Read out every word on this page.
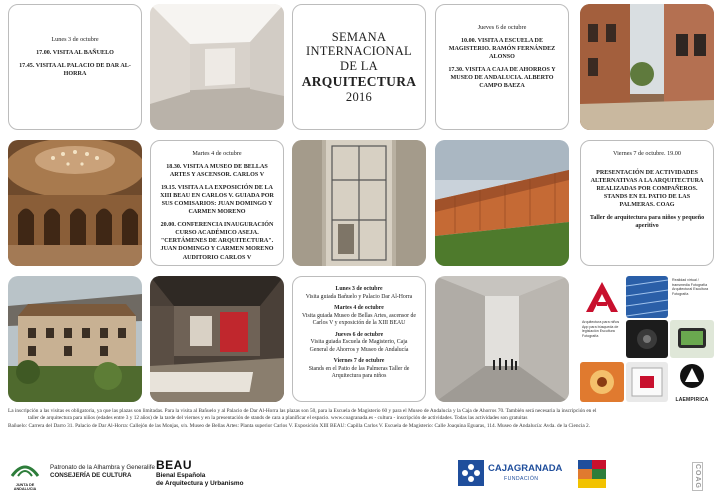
Lunes 3 de octubre
17.00. VISITA AL BAÑUELO
17.45. VISITA AL PALACIO DE DAR AL-HORRA
SEMANA
INTERNACIONAL
DE LA
ARQUITECTURA
2016
Jueves 6 de octubre
10.00. VISITA A ESCUELA DE MAGISTERIO. RAMÓN FERNÁNDEZ ALONSO
17.30. VISITA A CAJA DE AHORROS Y MUSEO DE ANDALUCIA. ALBERTO CAMPO BAEZA
Martes 4 de octubre
18.30. VISITA A MUSEO DE BELLAS ARTES Y ASCENSOR. CARLOS V
19.15. VISITA A LA EXPOSICIÓN DE LA XIII BEAU EN CARLOS V. GUIADA POR SUS COMISARIOS: JUAN DOMINGO Y CARMEN MORENO
20.00. CONFERENCIA INAUGURACIÓN CURSO ACADÉMICO ASEJA. "CERTÁMENES DE ARQUITECTURA". JUAN DOMINGO Y CARMEN MORENO AUDITORIO CARLOS V
Viernes 7 de octubre. 19.00
PRESENTACIÓN DE ACTIVIDADES ALTERNATIVAS A LA ARQUITECTURA REALIZADAS POR COMPAÑEROS. STANDS EN EL PATIO DE LAS PALMERAS. COAG
Taller de arquitectura para niños y pequeño aperitivo
Lunes 3 de octubre
Visita guiada Bañuelo y Palacio Dar Al-Horra
Martes 4 de octubre
Visita guiada Museo de Bellas Artes, ascensor de Carlos V y exposición de la XIII BEAU
Jueves 6 de octubre
Visita guiada Escuela de Magisterio, Caja General de Ahorros y Museo de Andalucía
Viernes 7 de octubre
Stands en el Patio de las Palmeras Taller de Arquitectura para niños
Realidad virtual / transmedia Fotografía Arquitectural Escultura Fotografía
Arquitectura para niños App para búsqueda de legislación Escultura Fotografía
LAEMPIRICA
La inscripción a las visitas es obligatoria, ya que las plazas son limitadas. Para la visita al Bañuelo y al Palacio de Dar Al-Horra las plazas son 50, para la Escuela de Magisterio 60 y para el Museo de Andalucía y la Caja de Ahorros 70. También será necesaria la inscripción en el
taller de arquitectura para niños (edades entre 3 y 12 años) de la tarde del viernes y en la presentación de stands de cara a planificar el espacio. www.coagranada.es - cultura - inscripción de actividades. Todas las actividades son gratuitas
Bañuelo: Carrera del Darro 31. Palacio de Dar Al-Horra: Callejón de las Monjas, s/n. Museo de Bellas Artes: Planta superior Carlos V. Exposición XIII BEAU: Capilla Carlos V. Escuela de Magisterio: Calle Joaquina Eguaras, 114. Museo de Andalucía: Avda. de la Ciencia 2.
JUNTA DE ANDALUCIA
Patronato de la Alhambra y Generalife
CONSEJERÍA DE CULTURA
BEAU
Bienal Española
de Arquitectura y Urbanismo
CAJAGRANADA
FUNDACIÓN	COAG
